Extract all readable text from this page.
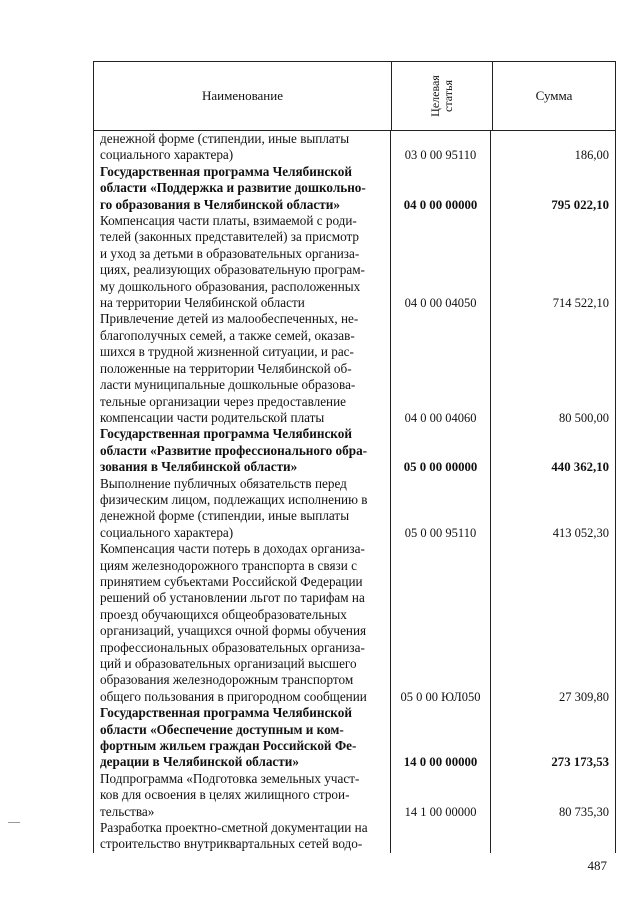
Наименование	Целевая статья	Сумма
денежной форме (стипендии, иные выплаты
социального характера)	03 0 00 95110	186,00
Государственная программа Челябинской
области «Поддержка и развитие дошкольно-
го образования в Челябинской области»	04 0 00 00000	795 022,10
Компенсация части платы, взимаемой с роди-
телей (законных представителей) за присмотр
и уход за детьми в образовательных организа-
циях, реализующих образовательную програм-
му дошкольного образования, расположенных
на территории Челябинской области	04 0 00 04050	714 522,10
Привлечение детей из малообеспеченных, не-
благополучных семей, а также семей, оказав-
шихся в трудной жизненной ситуации, и рас-
положенные на территории Челябинской об-
ласти муниципальные дошкольные образова-
тельные организации через предоставление
компенсации части родительской платы	04 0 00 04060	80 500,00
Государственная программа Челябинской
области «Развитие профессионального обра-
зования в Челябинской области»	05 0 00 00000	440 362,10
Выполнение публичных обязательств перед
физическим лицом, подлежащих исполнению в
денежной форме (стипендии, иные выплаты
социального характера)	05 0 00 95110	413 052,30
Компенсация части потерь в доходах организа-
циям железнодорожного транспорта в связи с
принятием субъектами Российской Федерации
решений об установлении льгот по тарифам на
проезд обучающихся общеобразовательных
организаций, учащихся очной формы обучения
профессиональных образовательных организа-
ций и образовательных организаций высшего
образования железнодорожным транспортом
общего пользования в пригородном сообщении	05 0 00 ЮЛ050	27 309,80
Государственная программа Челябинской
области «Обеспечение доступным и ком-
фортным жильем граждан Российской Фе-
дерации в Челябинской области»	14 0 00 00000	273 173,53
Подпрограмма «Подготовка земельных участ-
ков для освоения в целях жилищного строи-
тельства»	14 1 00 00000	80 735,30
Разработка проектно-сметной документации на
строительство внутриквартальных сетей водо-
487
